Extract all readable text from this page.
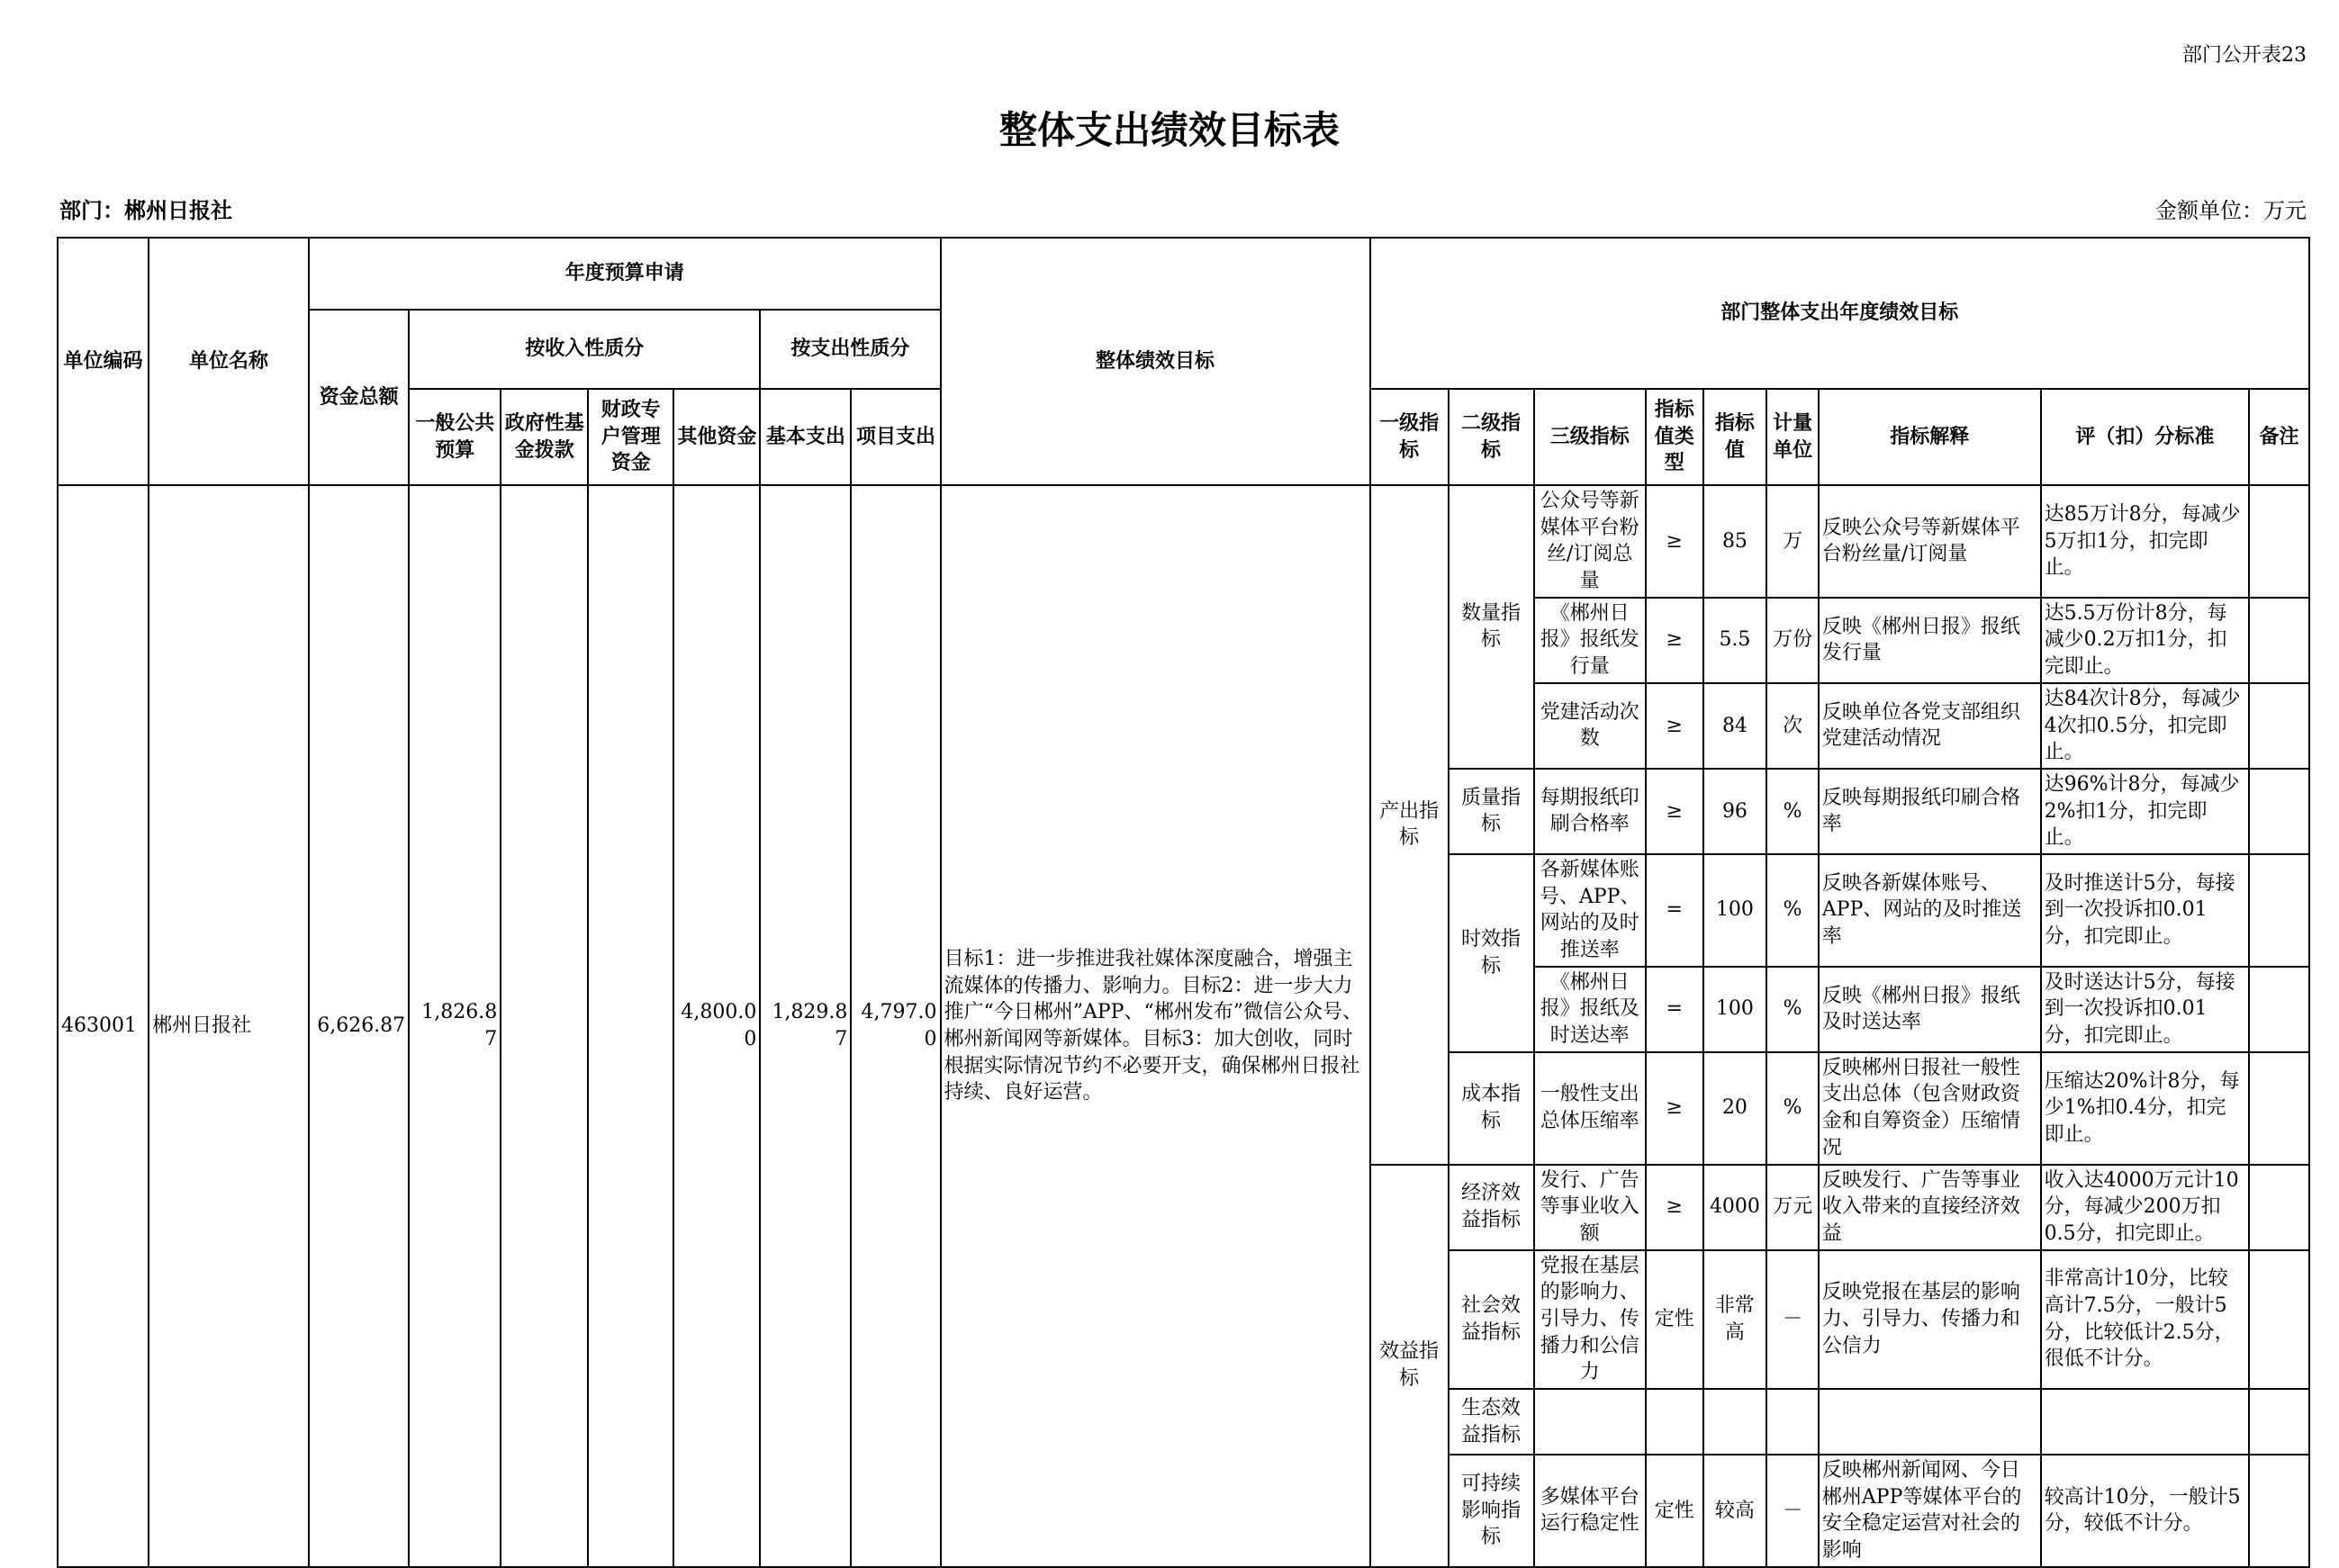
部门公开表23
整体支出绩效目标表
部门：郴州日报社	金额单位：万元
单位编码	单位名称	年度预算申请							整体绩效目标	部门整体支出年度绩效目标								
		资金总额	按收入性质分				按支出性质分											
			一般公共预算	政府性基金拨款	财政专户管理资金	其他资金	基本支出	项目支出		一级指标	二级指标	三级指标	指标值类型	指标值	计量单位	指标解释	评（扣）分标准	备注
463001	郴州日报社	6,626.87	1,826.87			4,800.00	1,829.87	4,797.00	目标1：进一步推进我社媒体深度融合，增强主流媒体的传播力、影响力。目标2：进一步大力推广“今日郴州”APP、“郴州发布”微信公众号、郴州新闻网等新媒体。目标3：加大创收，同时根据实际情况节约不必要开支，确保郴州日报社持续、良好运营。	产出指标	数量指标	公众号等新媒体平台粉丝/订阅总量	≥	85	万	反映公众号等新媒体平台粉丝量/订阅量	达85万计8分，每减少5万扣1分，扣完即止。	
												《郴州日报》报纸发行量	≥	5.5	万份	反映《郴州日报》报纸发行量	达5.5万份计8分，每减少0.2万扣1分，扣完即止。	
												党建活动次数	≥	84	次	反映单位各党支部组织党建活动情况	达84次计8分，每减少4次扣0.5分，扣完即止。	
											质量指标	每期报纸印刷合格率	≥	96	%	反映每期报纸印刷合格率	达96%计8分，每减少2%扣1分，扣完即止。	
											时效指标	各新媒体账号、APP、网站的及时推送率	=	100	%	反映各新媒体账号、APP、网站的及时推送率	及时推送计5分，每接到一次投诉扣0.01分，扣完即止。	
												《郴州日报》报纸及时送达率	=	100	%	反映《郴州日报》报纸及时送达率	及时送达计5分，每接到一次投诉扣0.01分，扣完即止。	
											成本指标	一般性支出总体压缩率	≥	20	%	反映郴州日报社一般性支出总体（包含财政资金和自筹资金）压缩情况	压缩达20%计8分，每少1%扣0.4分，扣完即止。	
										效益指标	经济效益指标	发行、广告等事业收入额	≥	4000	万元	反映发行、广告等事业收入带来的直接经济效益	收入达4000万元计10分，每减少200万扣0.5分，扣完即止。	
											社会效益指标	党报在基层的影响力、引导力、传播力和公信力	定性	非常高	－	反映党报在基层的影响力、引导力、传播力和公信力	非常高计10分，比较高计7.5分，一般计5分，比较低计2.5分，很低不计分。	
											生态效益指标							
											可持续影响指标	多媒体平台运行稳定性	定性	较高	－	反映郴州新闻网、今日郴州APP等媒体平台的安全稳定运营对社会的影响	较高计10分，一般计5分，较低不计分。	
